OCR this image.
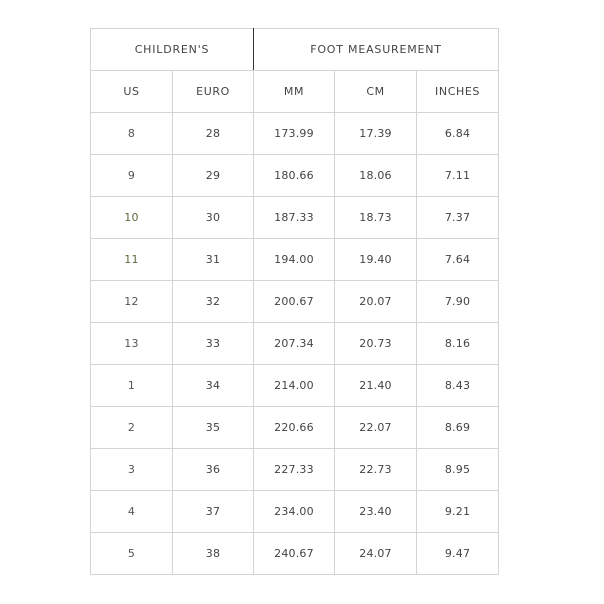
CHILDREN'S		FOOT MEASUREMENT		
US	EURO	MM	CM	INCHES
8	28	173.99	17.39	6.84
9	29	180.66	18.06	7.11
10	30	187.33	18.73	7.37
11	31	194.00	19.40	7.64
12	32	200.67	20.07	7.90
13	33	207.34	20.73	8.16
1	34	214.00	21.40	8.43
2	35	220.66	22.07	8.69
3	36	227.33	22.73	8.95
4	37	234.00	23.40	9.21
5	38	240.67	24.07	9.47
